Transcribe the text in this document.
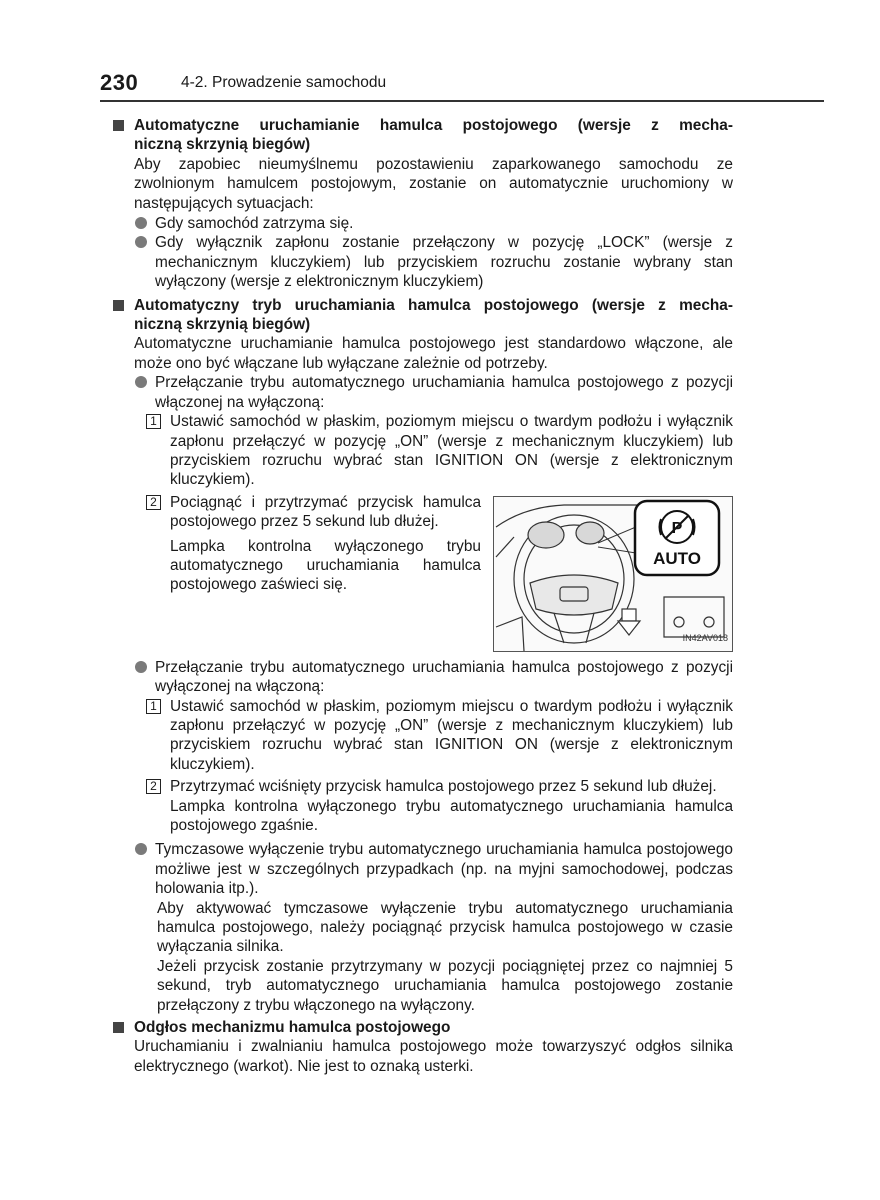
230	4-2. Prowadzenie samochodu
Automatyczne uruchamianie hamulca postojowego (wersje z mecha-
niczną skrzynią biegów)

Aby zapobiec nieumyślnemu pozostawieniu zaparkowanego samochodu ze zwolnionym hamulcem postojowym, zostanie on automatycznie uruchomiony w następujących sytuacjach:

Gdy samochód zatrzyma się.
Gdy wyłącznik zapłonu zostanie przełączony w pozycję „LOCK” (wersje z mechanicznym kluczykiem) lub przyciskiem rozruchu zostanie wybrany stan wyłączony (wersje z elektronicznym kluczykiem)
Automatyczny tryb uruchamiania hamulca postojowego (wersje z mecha-
niczną skrzynią biegów)

Automatyczne uruchamianie hamulca postojowego jest standardowo włączone, ale może ono być włączane lub wyłączane zależnie od potrzeby.

Przełączanie trybu automatycznego uruchamiania hamulca postojowego z pozycji włączonej na wyłączoną:
1 Ustawić samochód w płaskim, poziomym miejscu o twardym podłożu i wyłącznik zapłonu przełączyć w pozycję „ON” (wersje z mechanicznym kluczykiem) lub przyciskiem rozruchu wybrać stan IGNITION ON (wersje z elektronicznym kluczykiem).
2 Pociągnąć i przytrzymać przycisk hamulca postojowego przez 5 sekund lub dłużej.

Lampka kontrolna wyłączonego trybu automatycznego uruchamiania hamulca postojowego zaświeci się.

P
AUTO
IN42AV018
Przełączanie trybu automatycznego uruchamiania hamulca postojowego z pozycji wyłączonej na włączoną:
1 Ustawić samochód w płaskim, poziomym miejscu o twardym podłożu i wyłącznik zapłonu przełączyć w pozycję „ON” (wersje z mechanicznym kluczykiem) lub przyciskiem rozruchu wybrać stan IGNITION ON (wersje z elektronicznym kluczykiem).
2 Przytrzymać wciśnięty przycisk hamulca postojowego przez 5 sekund lub dłużej.

Lampka kontrolna wyłączonego trybu automatycznego uruchamiania hamulca postojowego zgaśnie.

Tymczasowe wyłączenie trybu automatycznego uruchamiania hamulca postojowego możliwe jest w szczególnych przypadkach (np. na myjni samochodowej, podczas holowania itp.).

Aby aktywować tymczasowe wyłączenie trybu automatycznego uruchamiania hamulca postojowego, należy pociągnąć przycisk hamulca postojowego w czasie wyłączania silnika.

Jeżeli przycisk zostanie przytrzymany w pozycji pociągniętej przez co najmniej 5 sekund, tryb automatycznego uruchamiania hamulca postojowego zostanie przełączony z trybu włączonego na wyłączony.

Odgłos mechanizmu hamulca postojowego

Uruchamianiu i zwalnianiu hamulca postojowego może towarzyszyć odgłos silnika elektrycznego (warkot). Nie jest to oznaką usterki.
